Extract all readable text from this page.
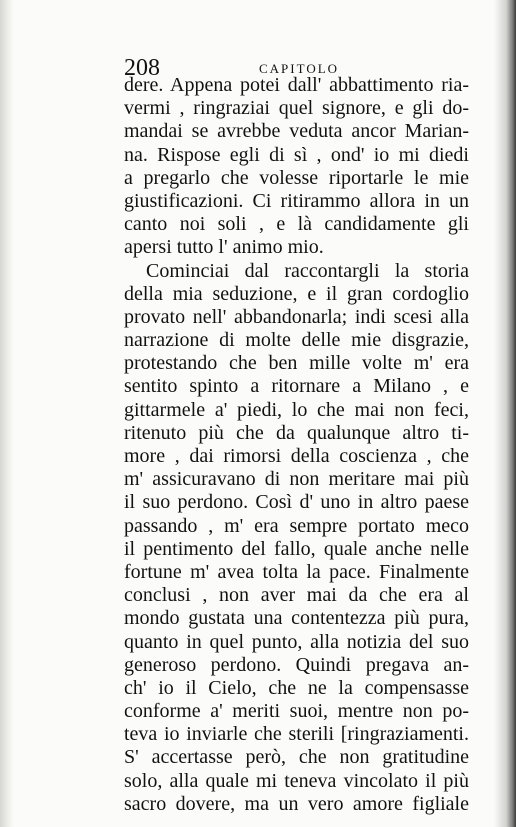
208	CAPITOLO
dere. Appena potei dall' abbattimento ria-
vermi , ringraziai quel signore, e gli do-
mandai se avrebbe veduta ancor Marian-
na. Rispose egli di sì , ond' io mi diedi
a pregarlo che volesse riportarle le mie
giustificazioni. Ci ritirammo allora in un
canto noi soli , e là candidamente gli
apersi tutto l' animo mio.
Cominciai dal raccontargli la storia
della mia seduzione, e il gran cordoglio
provato nell' abbandonarla; indi scesi alla
narrazione di molte delle mie disgrazie,
protestando che ben mille volte m' era
sentito spinto a ritornare a Milano , e
gittarmele a' piedi, lo che mai non feci,
ritenuto più che da qualunque altro ti-
more , dai rimorsi della coscienza , che
m' assicuravano di non meritare mai più
il suo perdono. Così d' uno in altro paese
passando , m' era sempre portato meco
il pentimento del fallo, quale anche nelle
fortune m' avea tolta la pace. Finalmente
conclusi , non aver mai da che era al
mondo gustata una contentezza più pura,
quanto in quel punto, alla notizia del suo
generoso perdono. Quindi pregava an-
ch' io il Cielo, che ne la compensasse
conforme a' meriti suoi, mentre non po-
teva io inviarle che sterili [ringraziamenti.
S' accertasse però, che non gratitudine
solo, alla quale mi teneva vincolato il più
sacro dovere, ma un vero amore figliale
